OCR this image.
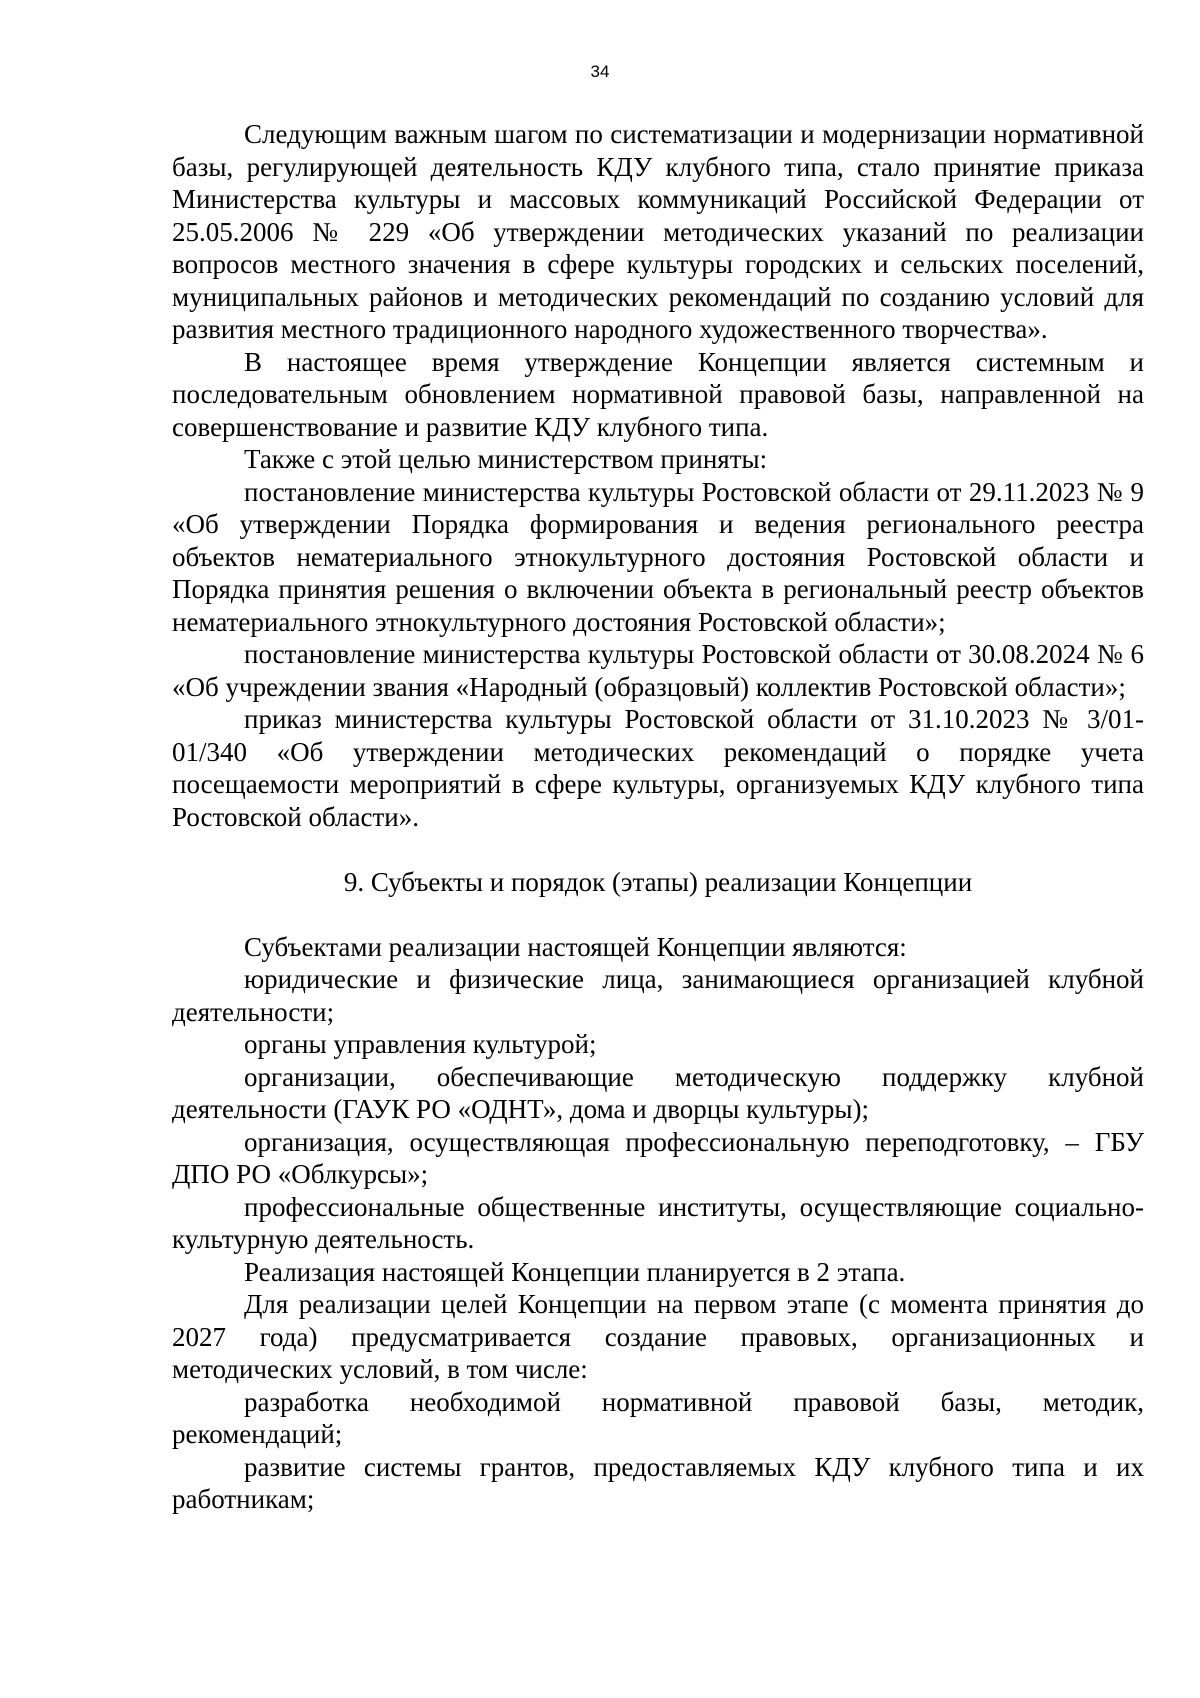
34

Следующим важным шагом по систематизации и модернизации нормативной базы, регулирующей деятельность КДУ клубного типа, стало принятие приказа Министерства культуры и массовых коммуникаций Российской Федерации от 25.05.2006 № 229 «Об утверждении методических указаний по реализации вопросов местного значения в сфере культуры городских и сельских поселений, муниципальных районов и методических рекомендаций по созданию условий для развития местного традиционного народного художественного творчества».

В настоящее время утверждение Концепции является системным и последовательным обновлением нормативной правовой базы, направленной на совершенствование и развитие КДУ клубного типа.

Также с этой целью министерством приняты:

постановление министерства культуры Ростовской области от 29.11.2023 № 9 «Об утверждении Порядка формирования и ведения регионального реестра объектов нематериального этнокультурного достояния Ростовской области и Порядка принятия решения о включении объекта в региональный реестр объектов нематериального этнокультурного достояния Ростовской области»;

постановление министерства культуры Ростовской области от 30.08.2024 № 6 «Об учреждении звания «Народный (образцовый) коллектив Ростовской области»;

приказ министерства культуры Ростовской области от 31.10.2023 № 3/01-01/340 «Об утверждении методических рекомендаций о порядке учета посещаемости мероприятий в сфере культуры, организуемых КДУ клубного типа Ростовской области».

9. Субъекты и порядок (этапы) реализации Концепции

Субъектами реализации настоящей Концепции являются:

юридические и физические лица, занимающиеся организацией клубной деятельности;

органы управления культурой;

организации, обеспечивающие методическую поддержку клубной деятельности (ГАУК РО «ОДНТ», дома и дворцы культуры);

организация, осуществляющая профессиональную переподготовку, – ГБУ ДПО РО «Облкурсы»;

профессиональные общественные институты, осуществляющие социально-культурную деятельность.

Реализация настоящей Концепции планируется в 2 этапа.

Для реализации целей Концепции на первом этапе (с момента принятия до 2027 года) предусматривается создание правовых, организационных и методических условий, в том числе:

разработка необходимой нормативной правовой базы, методик, рекомендаций;

развитие системы грантов, предоставляемых КДУ клубного типа и их работникам;
